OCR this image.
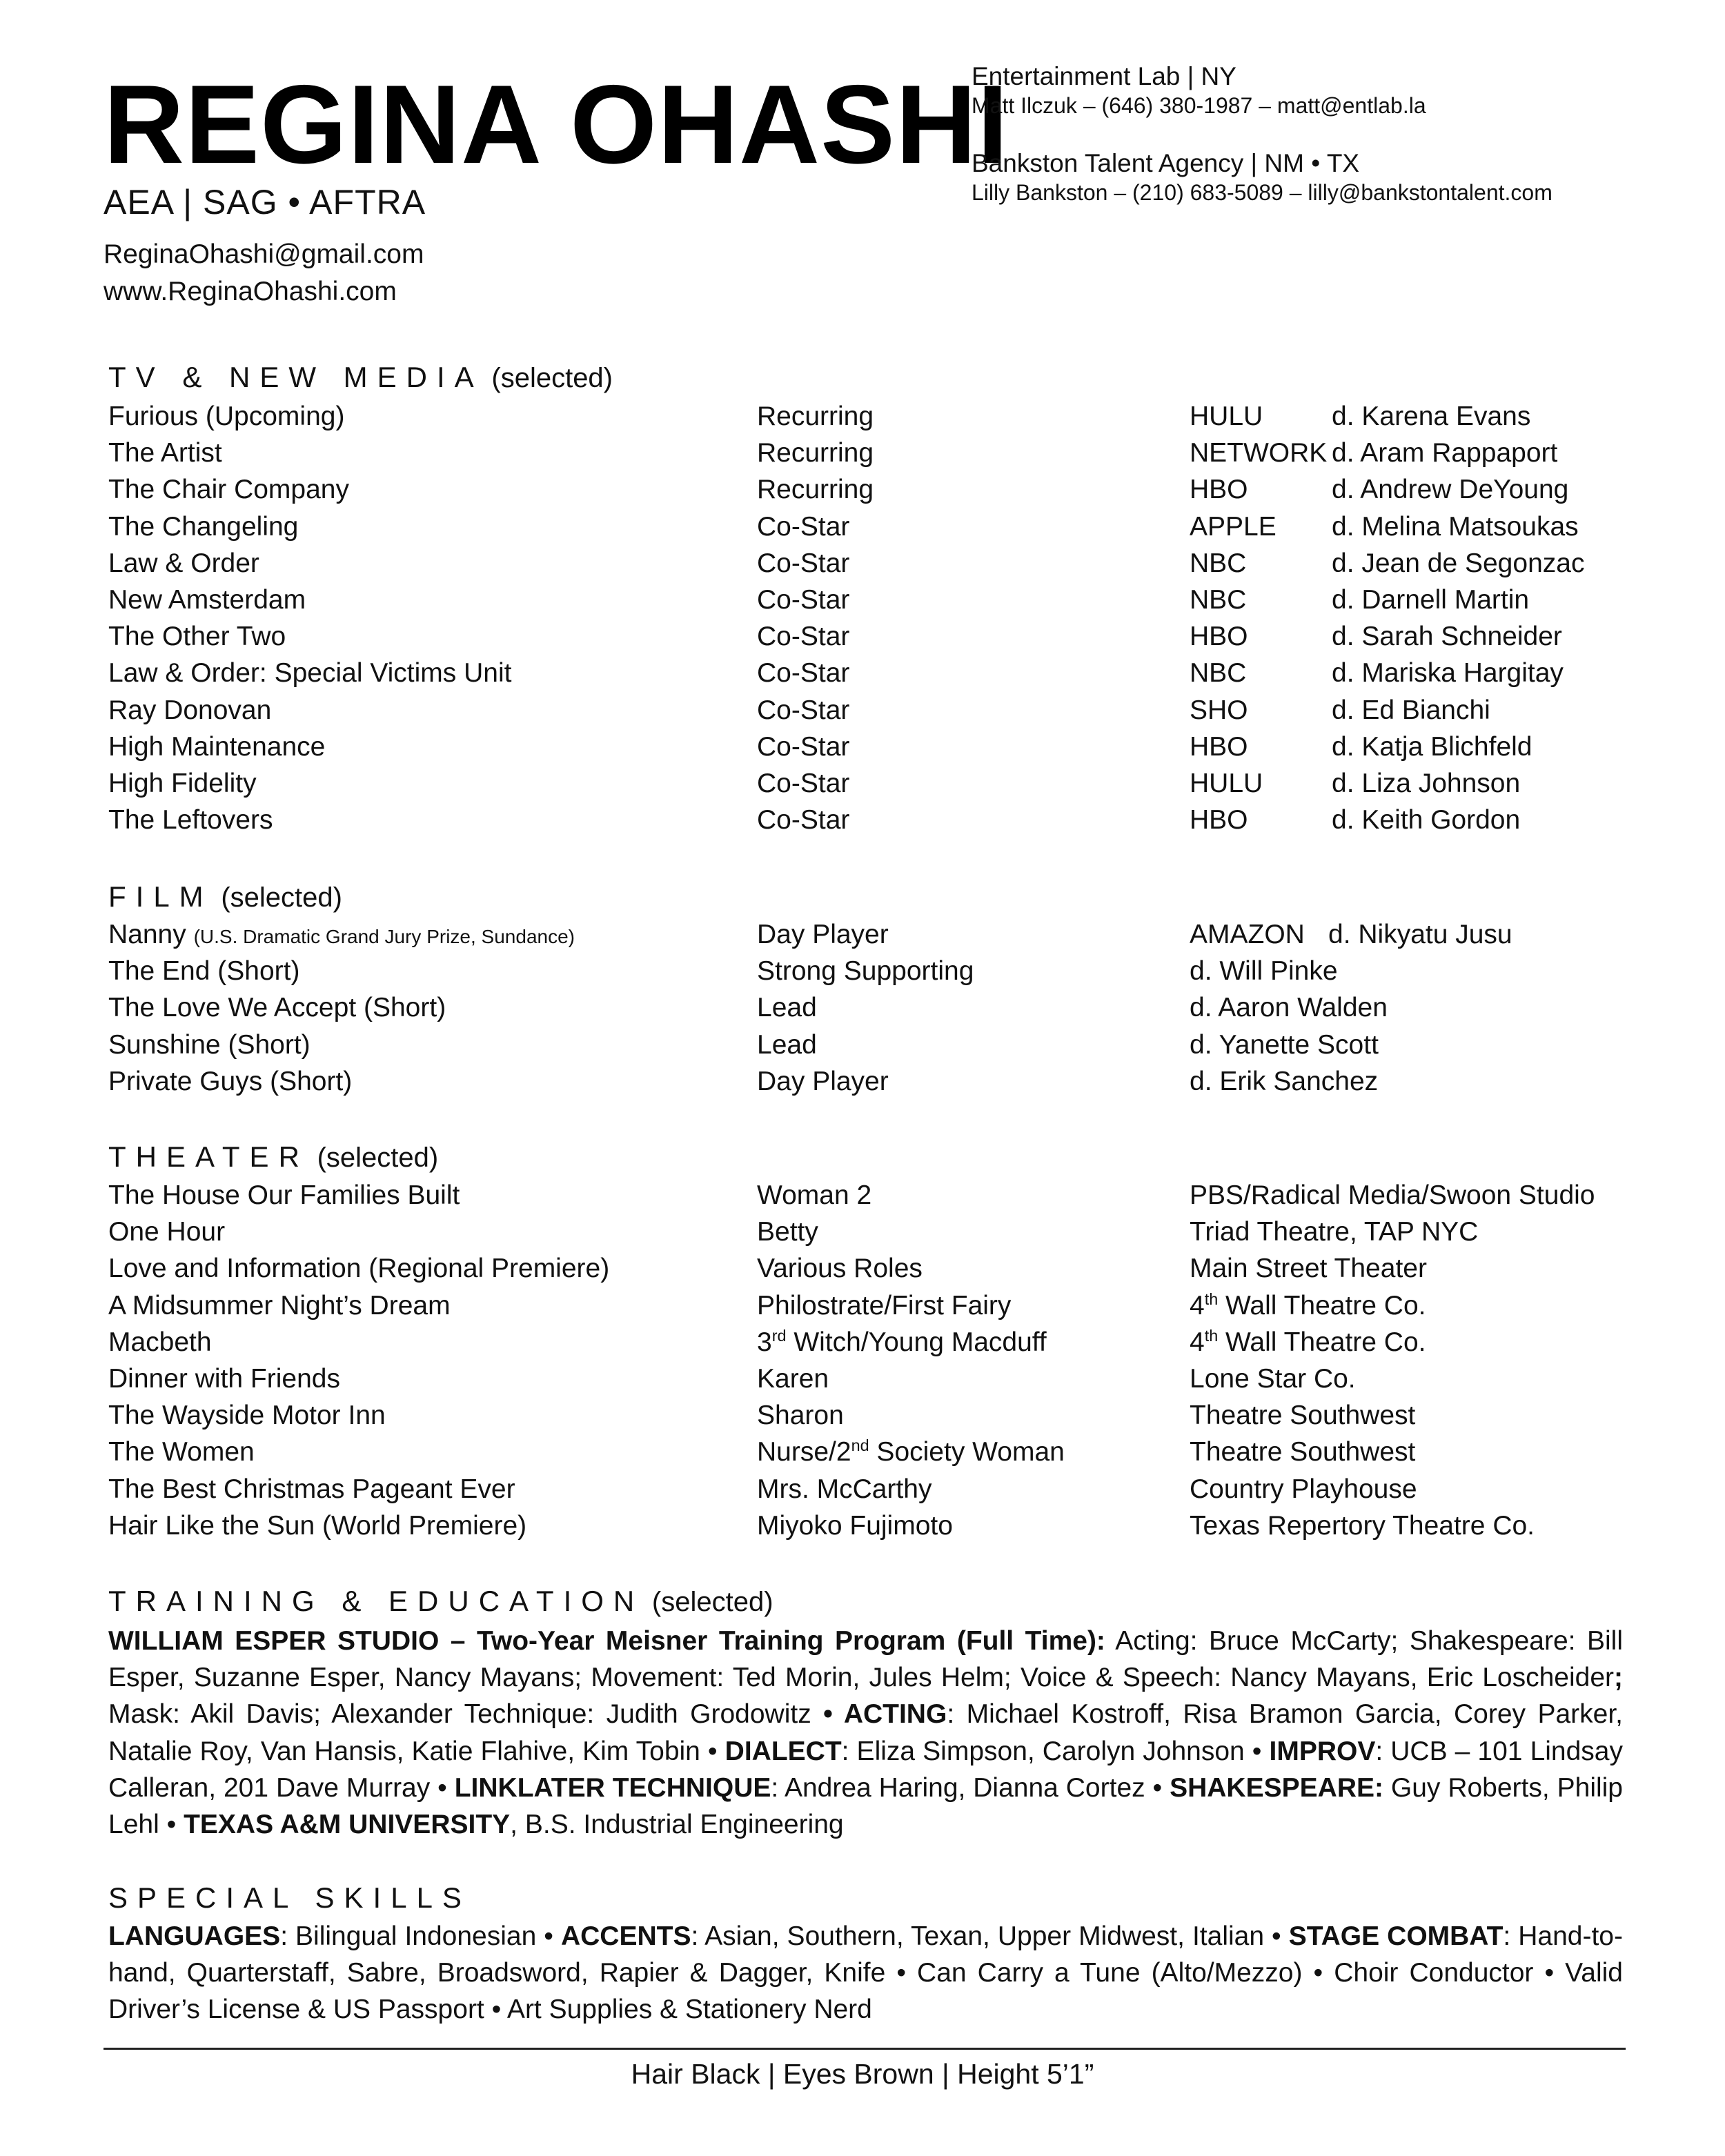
REGINA OHASHI
AEA | SAG • AFTRA
ReginaOhashi@gmail.com
www.ReginaOhashi.com
Entertainment Lab | NY
Matt Ilczuk – (646) 380-1987 – matt@entlab.la
Bankston Talent Agency | NM • TX
Lilly Bankston – (210) 683-5089 – lilly@bankstontalent.com
TV & NEW MEDIA (selected)
Furious (Upcoming)	Recurring	HULU	d. Karena Evans
The Artist	Recurring	NETWORK d. Aram Rappaport
The Chair Company	Recurring	HBO	d. Andrew DeYoung
The Changeling	Co-Star	APPLE d. Melina Matsoukas
Law & Order	Co-Star	NBC	d. Jean de Segonzac
New Amsterdam	Co-Star	NBC	d. Darnell Martin
The Other Two	Co-Star	HBO	d. Sarah Schneider
Law & Order: Special Victims Unit	Co-Star	NBC	d. Mariska Hargitay
Ray Donovan	Co-Star	SHO	d. Ed Bianchi
High Maintenance	Co-Star	HBO	d. Katja Blichfeld
High Fidelity	Co-Star	HULU	d. Liza Johnson
The Leftovers	Co-Star	HBO	d. Keith Gordon
FILM (selected)
Nanny (U.S. Dramatic Grand Jury Prize, Sundance)	Day Player	AMAZON d. Nikyatu Jusu
The End (Short)	Strong Supporting	d. Will Pinke
The Love We Accept (Short)	Lead	d. Aaron Walden
Sunshine (Short)	Lead	d. Yanette Scott
Private Guys (Short)	Day Player	d. Erik Sanchez
THEATER (selected)
The House Our Families Built	Woman 2	PBS/Radical Media/Swoon Studio
One Hour	Betty	Triad Theatre, TAP NYC
Love and Information (Regional Premiere)	Various Roles	Main Street Theater
A Midsummer Night’s Dream	Philostrate/First Fairy	4th Wall Theatre Co.
Macbeth	3rd Witch/Young Macduff	4th Wall Theatre Co.
Dinner with Friends	Karen	Lone Star Co.
The Wayside Motor Inn	Sharon	Theatre Southwest
The Women	Nurse/2nd Society Woman	Theatre Southwest
The Best Christmas Pageant Ever	Mrs. McCarthy	Country Playhouse
Hair Like the Sun (World Premiere)	Miyoko Fujimoto	Texas Repertory Theatre Co.
TRAINING & EDUCATION (selected)
WILLIAM ESPER STUDIO – Two-Year Meisner Training Program (Full Time): Acting: Bruce McCarty; Shakespeare: Bill Esper, Suzanne Esper, Nancy Mayans; Movement: Ted Morin, Jules Helm; Voice & Speech: Nancy Mayans, Eric Loscheider; Mask: Akil Davis; Alexander Technique: Judith Grodowitz • ACTING: Michael Kostroff, Risa Bramon Garcia, Corey Parker, Natalie Roy, Van Hansis, Katie Flahive, Kim Tobin • DIALECT: Eliza Simpson, Carolyn Johnson • IMPROV: UCB – 101 Lindsay Calleran, 201 Dave Murray • LINKLATER TECHNIQUE: Andrea Haring, Dianna Cortez • SHAKESPEARE: Guy Roberts, Philip Lehl • TEXAS A&M UNIVERSITY, B.S. Industrial Engineering
SPECIAL SKILLS
LANGUAGES: Bilingual Indonesian • ACCENTS: Asian, Southern, Texan, Upper Midwest, Italian • STAGE COMBAT: Hand-to-hand, Quarterstaff, Sabre, Broadsword, Rapier & Dagger, Knife • Can Carry a Tune (Alto/Mezzo) • Choir Conductor • Valid Driver’s License & US Passport • Art Supplies & Stationery Nerd
Hair Black | Eyes Brown | Height 5’1”
